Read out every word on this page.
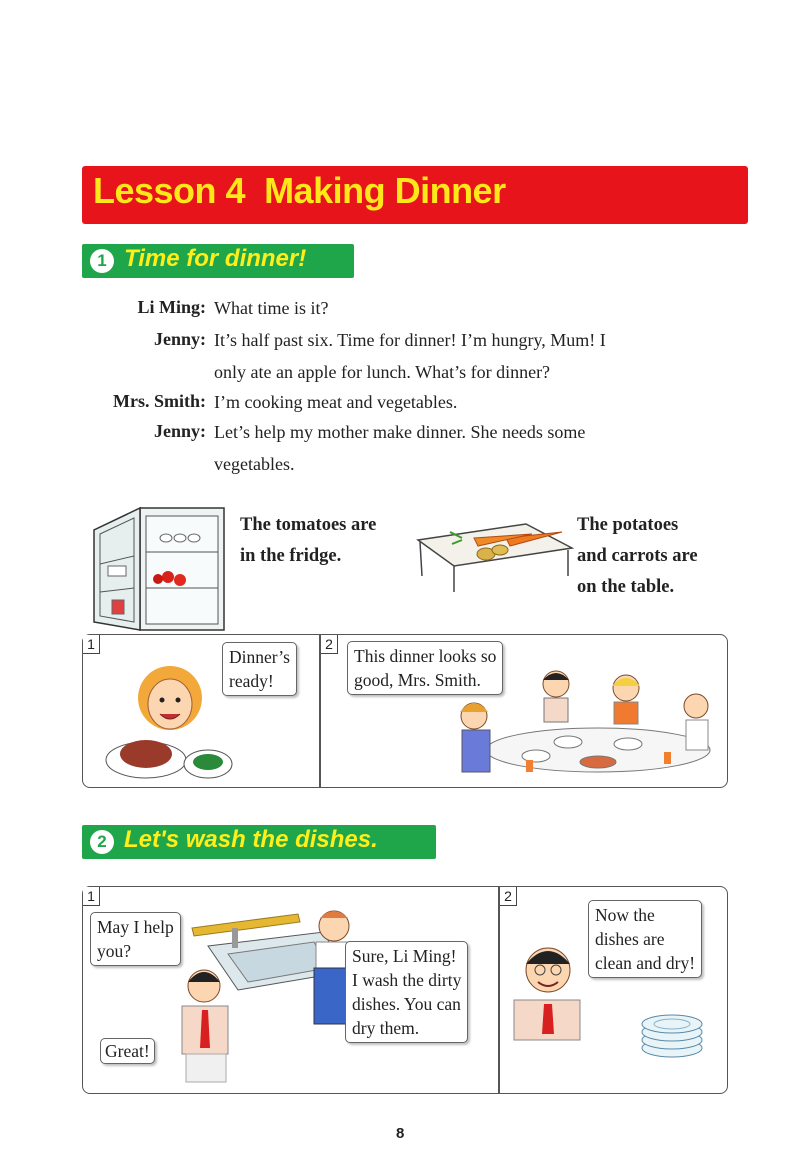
Lesson 4  Making Dinner
1 Time for dinner!
Li Ming: What time is it?
Jenny: It’s half past six. Time for dinner! I’m hungry, Mum! I
only ate an apple for lunch. What’s for dinner?
Mrs. Smith: I’m cooking meat and vegetables.
Jenny: Let’s help my mother make dinner. She needs some
vegetables.
The tomatoes are
in the fridge.
The potatoes
and carrots are
on the table.
1	2
Dinner’s
ready!
This dinner looks so
good, Mrs. Smith.
2 Let's wash the dishes.
1	2
May I help
you?	Sure, Li Ming!
I wash the dirty
dishes. You can
dry them.
Great!
Now the
dishes are
clean and dry!
8
